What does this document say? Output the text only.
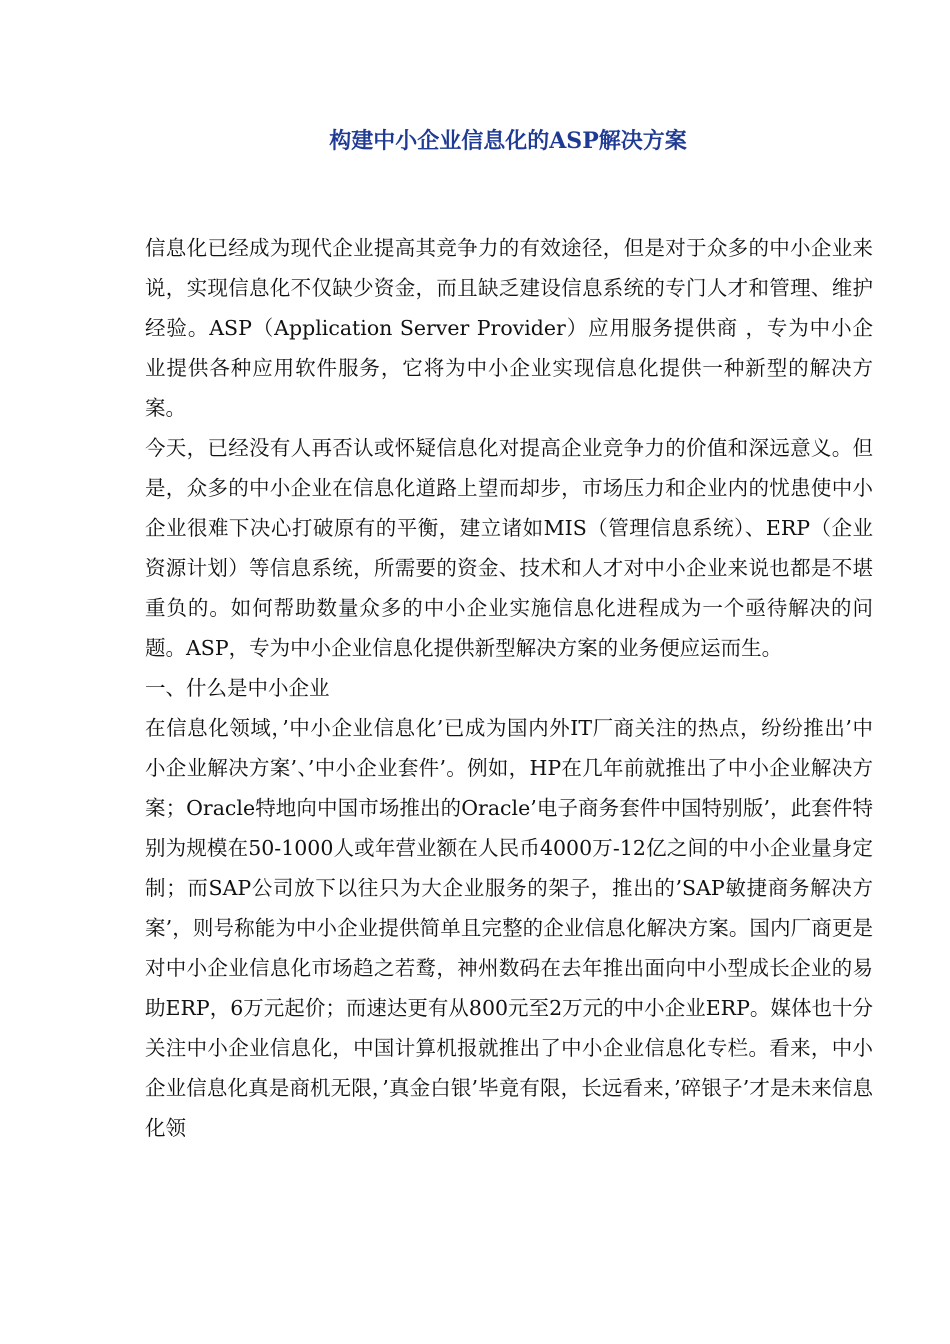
构建中小企业信息化的ASP解决方案

信息化已经成为现代企业提高其竞争力的有效途径，但是对于众多的中小企业来说，实现信息化不仅缺少资金，而且缺乏建设信息系统的专门人才和管理、维护经验。ASP（Application Server Provider）应用服务提供商 ，专为中小企业提供各种应用软件服务，它将为中小企业实现信息化提供一种新型的解决方案。

今天，已经没有人再否认或怀疑信息化对提高企业竞争力的价值和深远意义。但是，众多的中小企业在信息化道路上望而却步，市场压力和企业内的忧患使中小企业很难下决心打破原有的平衡，建立诸如MIS（管理信息系统）、ERP（企业资源计划）等信息系统，所需要的资金、技术和人才对中小企业来说也都是不堪重负的。如何帮助数量众多的中小企业实施信息化进程成为一个亟待解决的问题。ASP，专为中小企业信息化提供新型解决方案的业务便应运而生。

一、什么是中小企业

在信息化领域，’中小企业信息化’已成为国内外IT厂商关注的热点，纷纷推出’中小企业解决方案’、’中小企业套件’。例如，HP在几年前就推出了中小企业解决方案；Oracle特地向中国市场推出的Oracle’电子商务套件中国特别版’，此套件特别为规模在50-1000人或年营业额在人民币4000万-12亿之间的中小企业量身定制；而SAP公司放下以往只为大企业服务的架子，推出的’SAP敏捷商务解决方案’，则号称能为中小企业提供简单且完整的企业信息化解决方案。国内厂商更是对中小企业信息化市场趋之若鹜，神州数码在去年推出面向中小型成长企业的易助ERP，6万元起价；而速达更有从800元至2万元的中小企业ERP。媒体也十分关注中小企业信息化，中国计算机报就推出了中小企业信息化专栏。看来，中小企业信息化真是商机无限，’真金白银’毕竟有限，长远看来，’碎银子’才是未来信息化领
